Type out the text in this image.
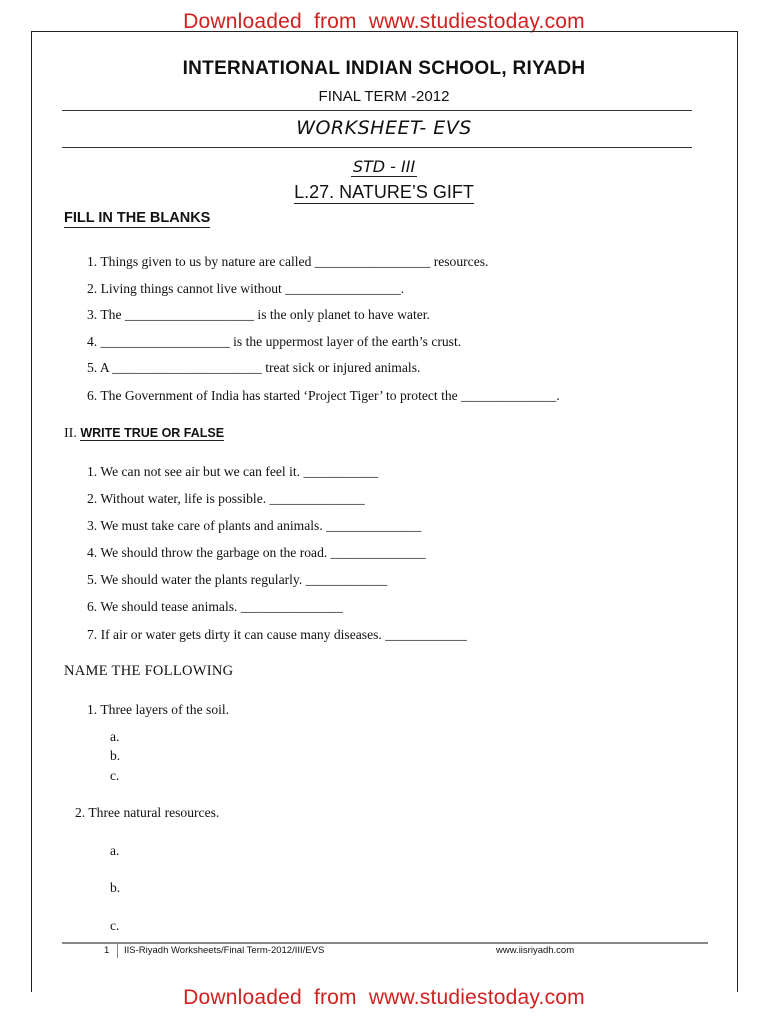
Downloaded  from  www.studiestoday.com
INTERNATIONAL INDIAN SCHOOL, RIYADH
FINAL TERM -2012
WORKSHEET- EVS
STD - III
L.27. NATURE’S GIFT
FILL IN THE BLANKS
1. Things given to us by nature are called _________________ resources.
2. Living things cannot live without _________________.
3. The ___________________ is the only planet to have water.
4. ___________________ is the uppermost layer of the earth’s crust.
5. A ______________________ treat sick or injured animals.
6. The Government of India has started ‘Project Tiger’ to protect the ______________.
II. WRITE TRUE OR FALSE
1. We can not see air but we can feel it. ___________
2. Without water, life is possible. ______________
3. We must take care of plants and animals. ______________
4. We should throw the garbage on the road. ______________
5. We should water the plants regularly. ____________
6. We should tease animals. _______________
7. If air or water gets dirty it can cause many diseases. ____________
NAME THE FOLLOWING
1. Three layers of the soil.
a.
b.
c.
2. Three natural resources.
a.
b.
c.
1 IIS-Riyadh Worksheets/Final Term-2012/III/EVS	www.iisriyadh.com
Downloaded  from  www.studiestoday.com
